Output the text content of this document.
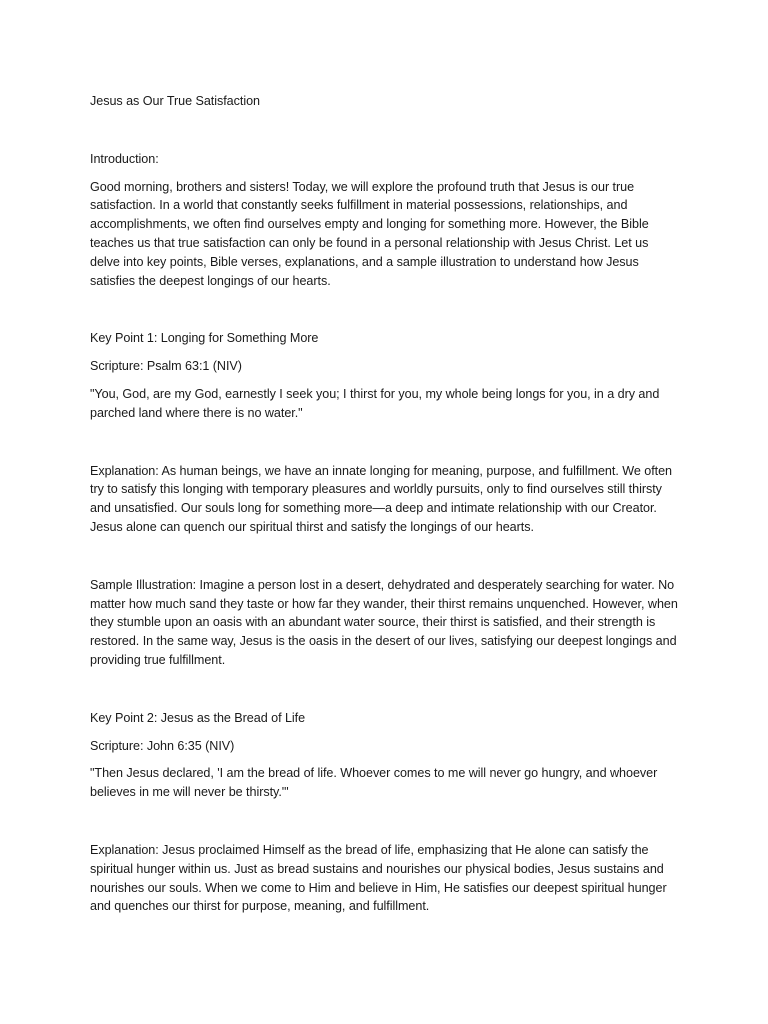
Jesus as Our True Satisfaction

Introduction:

Good morning, brothers and sisters! Today, we will explore the profound truth that Jesus is our true satisfaction. In a world that constantly seeks fulfillment in material possessions, relationships, and accomplishments, we often find ourselves empty and longing for something more. However, the Bible teaches us that true satisfaction can only be found in a personal relationship with Jesus Christ. Let us delve into key points, Bible verses, explanations, and a sample illustration to understand how Jesus satisfies the deepest longings of our hearts.

Key Point 1: Longing for Something More

Scripture: Psalm 63:1 (NIV)

"You, God, are my God, earnestly I seek you; I thirst for you, my whole being longs for you, in a dry and parched land where there is no water."

Explanation: As human beings, we have an innate longing for meaning, purpose, and fulfillment. We often try to satisfy this longing with temporary pleasures and worldly pursuits, only to find ourselves still thirsty and unsatisfied. Our souls long for something more—a deep and intimate relationship with our Creator. Jesus alone can quench our spiritual thirst and satisfy the longings of our hearts.

Sample Illustration: Imagine a person lost in a desert, dehydrated and desperately searching for water. No matter how much sand they taste or how far they wander, their thirst remains unquenched. However, when they stumble upon an oasis with an abundant water source, their thirst is satisfied, and their strength is restored. In the same way, Jesus is the oasis in the desert of our lives, satisfying our deepest longings and providing true fulfillment.

Key Point 2: Jesus as the Bread of Life

Scripture: John 6:35 (NIV)

"Then Jesus declared, 'I am the bread of life. Whoever comes to me will never go hungry, and whoever believes in me will never be thirsty.'"

Explanation: Jesus proclaimed Himself as the bread of life, emphasizing that He alone can satisfy the spiritual hunger within us. Just as bread sustains and nourishes our physical bodies, Jesus sustains and nourishes our souls. When we come to Him and believe in Him, He satisfies our deepest spiritual hunger and quenches our thirst for purpose, meaning, and fulfillment.
